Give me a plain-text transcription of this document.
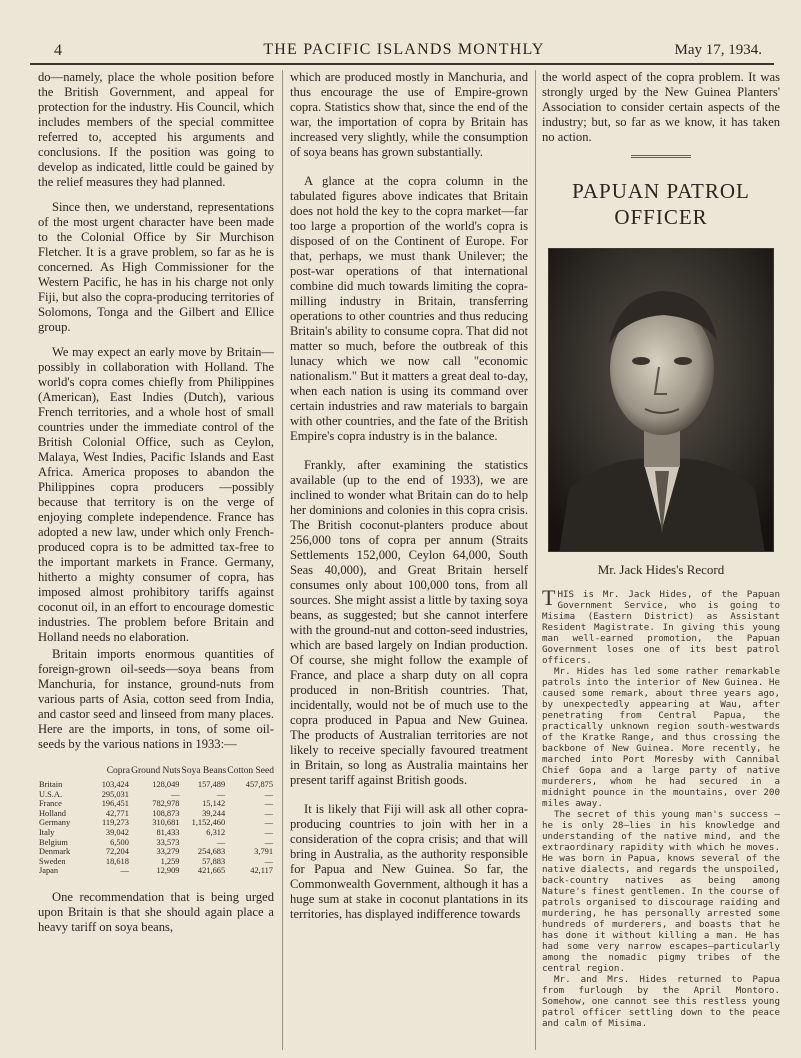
4	THE PACIFIC ISLANDS MONTHLY	May 17, 1934.

do—namely, place the whole position before the British Government, and appeal for protection for the industry. His Council, which includes members of the special committee referred to, accepted his arguments and conclusions. If the position was going to develop as indicated, little could be gained by the relief measures they had planned.

Since then, we understand, representations of the most urgent character have been made to the Colonial Office by Sir Murchison Fletcher. It is a grave problem, so far as he is concerned. As High Commissioner for the Western Pacific, he has in his charge not only Fiji, but also the copra-producing territories of Solomons, Tonga and the Gilbert and Ellice group.

We may expect an early move by Britain—possibly in collaboration with Holland. The world's copra comes chiefly from Philippines (American), East Indies (Dutch), various French territories, and a whole host of small countries under the immediate control of the British Colonial Office, such as Ceylon, Malaya, West Indies, Pacific Islands and East Africa. America proposes to abandon the Philippines copra producers —possibly because that territory is on the verge of enjoying complete independence. France has adopted a new law, under which only French-produced copra is to be admitted tax-free to the important markets in France. Germany, hitherto a mighty consumer of copra, has imposed almost prohibitory tariffs against coconut oil, in an effort to encourage domestic industries. The problem before Britain and Holland needs no elaboration.

Britain imports enormous quantities of foreign-grown oil-seeds—soya beans from Manchuria, for instance, ground-nuts from various parts of Asia, cotton seed from India, and castor seed and linseed from many places. Here are the imports, in tons, of some oil-seeds by the various nations in 1933:—

	Copra	Ground Nuts	Soya Beans	Cotton Seed
Britain	103,424	128,049	157,489	457,875
U.S.A.	295,031	—	—	—
France	196,451	782,978	15,142	—
Holland	42,771	108,873	39,244	—
Germany	119,273	310,681	1,152,460	—
Italy	39,042	81,433	6,312	—
Belgium	6,500	33,573	—	—
Denmark	72,204	33,279	254,683	3,791
Sweden	18,618	1,259	57,883	—
Japan	—	12,909	421,665	42,117

One recommendation that is being urged upon Britain is that she should again place a heavy tariff on soya beans,

which are produced mostly in Manchuria, and thus encourage the use of Empire-grown copra. Statistics show that, since the end of the war, the importation of copra by Britain has increased very slightly, while the consumption of soya beans has grown substantially.

A glance at the copra column in the tabulated figures above indicates that Britain does not hold the key to the copra market—far too large a proportion of the world's copra is disposed of on the Continent of Europe. For that, perhaps, we must thank Unilever; the post-war operations of that international combine did much towards limiting the copra-milling industry in Britain, transferring operations to other countries and thus reducing Britain's ability to consume copra. That did not matter so much, before the outbreak of this lunacy which we now call "economic nationalism." But it matters a great deal to-day, when each nation is using its command over certain industries and raw materials to bargain with other countries, and the fate of the British Empire's copra industry is in the balance.

Frankly, after examining the statistics available (up to the end of 1933), we are inclined to wonder what Britain can do to help her dominions and colonies in this copra crisis. The British coconut-planters produce about 256,000 tons of copra per annum (Straits Settlements 152,000, Ceylon 64,000, South Seas 40,000), and Great Britain herself consumes only about 100,000 tons, from all sources. She might assist a little by taxing soya beans, as suggested; but she cannot interfere with the ground-nut and cotton-seed industries, which are based largely on Indian production. Of course, she might follow the example of France, and place a sharp duty on all copra produced in non-British countries. That, incidentally, would not be of much use to the copra produced in Papua and New Guinea. The products of Australian territories are not likely to receive specially favoured treatment in Britain, so long as Australia maintains her present tariff against British goods.

It is likely that Fiji will ask all other copra-producing countries to join with her in a consideration of the copra crisis; and that will bring in Australia, as the authority responsible for Papua and New Guinea. So far, the Commonwealth Government, although it has a huge sum at stake in coconut plantations in its territories, has displayed indifference towards

the world aspect of the copra problem. It was strongly urged by the New Guinea Planters' Association to consider certain aspects of the industry; but, so far as we know, it has taken no action.

PAPUAN PATROL
OFFICER
Mr. Jack Hides's Record

THIS is Mr. Jack Hides, of the Papuan Government Service, who is going to Misima (Eastern District) as Assistant Resident Magistrate. In giving this young man well-earned promotion, the Papuan Government loses one of its best patrol officers.

Mr. Hides has led some rather remarkable patrols into the interior of New Guinea. He caused some remark, about three years ago, by unexpectedly appearing at Wau, after penetrating from Central Papua, the practically unknown region south-westwards of the Kratke Range, and thus crossing the backbone of New Guinea. More recently, he marched into Port Moresby with Cannibal Chief Gopa and a large party of native murderers, whom he had secured in a midnight pounce in the mountains, over 200 miles away.

The secret of this young man's success —he is only 28—lies in his knowledge and understanding of the native mind, and the extraordinary rapidity with which he moves. He was born in Papua, knows several of the native dialects, and regards the unspoiled, back-country natives as being among Nature's finest gentlemen. In the course of patrols organised to discourage raiding and murdering, he has personally arrested some hundreds of murderers, and boasts that he has done it without killing a man. He has had some very narrow escapes—particularly among the nomadic pigmy tribes of the central region.

Mr. and Mrs. Hides returned to Papua from furlough by the April Montoro. Somehow, one cannot see this restless young patrol officer settling down to the peace and calm of Misima.
